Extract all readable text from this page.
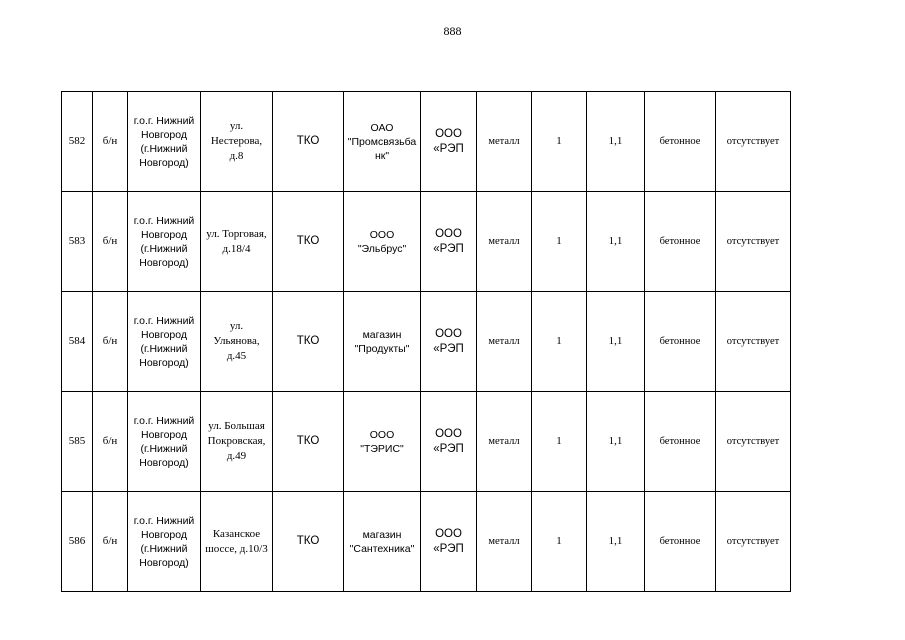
888
582	б/н	г.о.г. Нижний
Новгород
(г.Нижний
Новгород)	ул.
Нестерова,
д.8	ТКО	ОАО
"Промсвязьба
нк"	ООО
«РЭП	металл	1	1,1	бетонное	отсутствует

583	б/н	г.о.г. Нижний
Новгород
(г.Нижний
Новгород)	ул. Торговая,
д.18/4	ТКО	ООО
"Эльбрус"	ООО
«РЭП	металл	1	1,1	бетонное	отсутствует

584	б/н	г.о.г. Нижний
Новгород
(г.Нижний
Новгород)	ул.
Ульянова,
д.45	ТКО	магазин
"Продукты"	ООО
«РЭП	металл	1	1,1	бетонное	отсутствует

585	б/н	г.о.г. Нижний
Новгород
(г.Нижний
Новгород)	ул. Большая
Покровская,
д.49	ТКО	ООО
"ТЭРИС"	ООО
«РЭП	металл	1	1,1	бетонное	отсутствует

586	б/н	г.о.г. Нижний
Новгород
(г.Нижний
Новгород)	Казанское
шоссе, д.10/3	ТКО	магазин
"Сантехника"	ООО
«РЭП	металл	1	1,1	бетонное	отсутствует
